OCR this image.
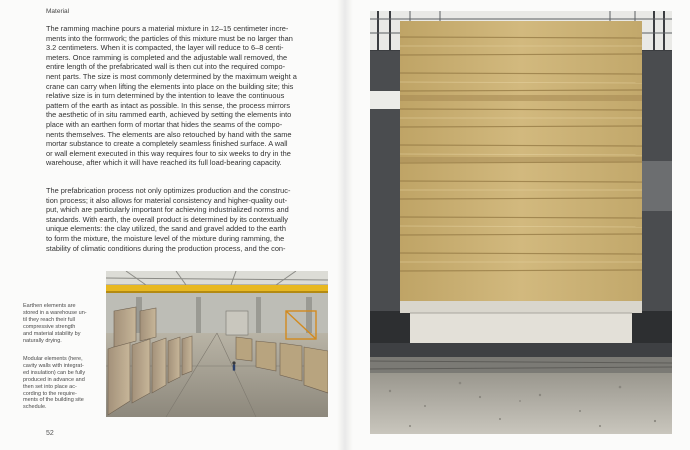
Material
The ramming machine pours a material mixture in 12–15 centimeter incre-
ments into the formwork; the particles of this mixture must be no larger than
3.2 centimeters. When it is compacted, the layer will reduce to 6–8 centi-
meters. Once ramming is completed and the adjustable wall removed, the
entire length of the prefabricated wall is then cut into the required compo-
nent parts. The size is most commonly determined by the maximum weight a
crane can carry when lifting the elements into place on the building site; this
relative size is in turn determined by the intention to leave the continuous
pattern of the earth as intact as possible. In this sense, the process mirrors
the aesthetic of in situ rammed earth, achieved by setting the elements into
place with an earthen form of mortar that hides the seams of the compo-
nents themselves. The elements are also retouched by hand with the same
mortar substance to create a completely seamless finished surface. A wall
or wall element executed in this way requires four to six weeks to dry in the
warehouse, after which it will have reached its full load-bearing capacity.
The prefabrication process not only optimizes production and the construc-
tion process; it also allows for material consistency and higher-quality out-
put, which are particularly important for achieving industrialized norms and
standards. With earth, the overall product is determined by its contextually
unique elements: the clay utilized, the sand and gravel added to the earth
to form the mixture, the moisture level of the mixture during ramming, the
stability of climatic conditions during the production process, and the con-
Earthen elements are
stored in a warehouse un-
til they reach their full
compressive strength
and material stability by
naturally drying.
Modular elements (here,
cavity walls with integrat-
ed insulation) can be fully
produced in advance and
then set into place ac-
cording to the require-
ments of the building site
schedule.
52
